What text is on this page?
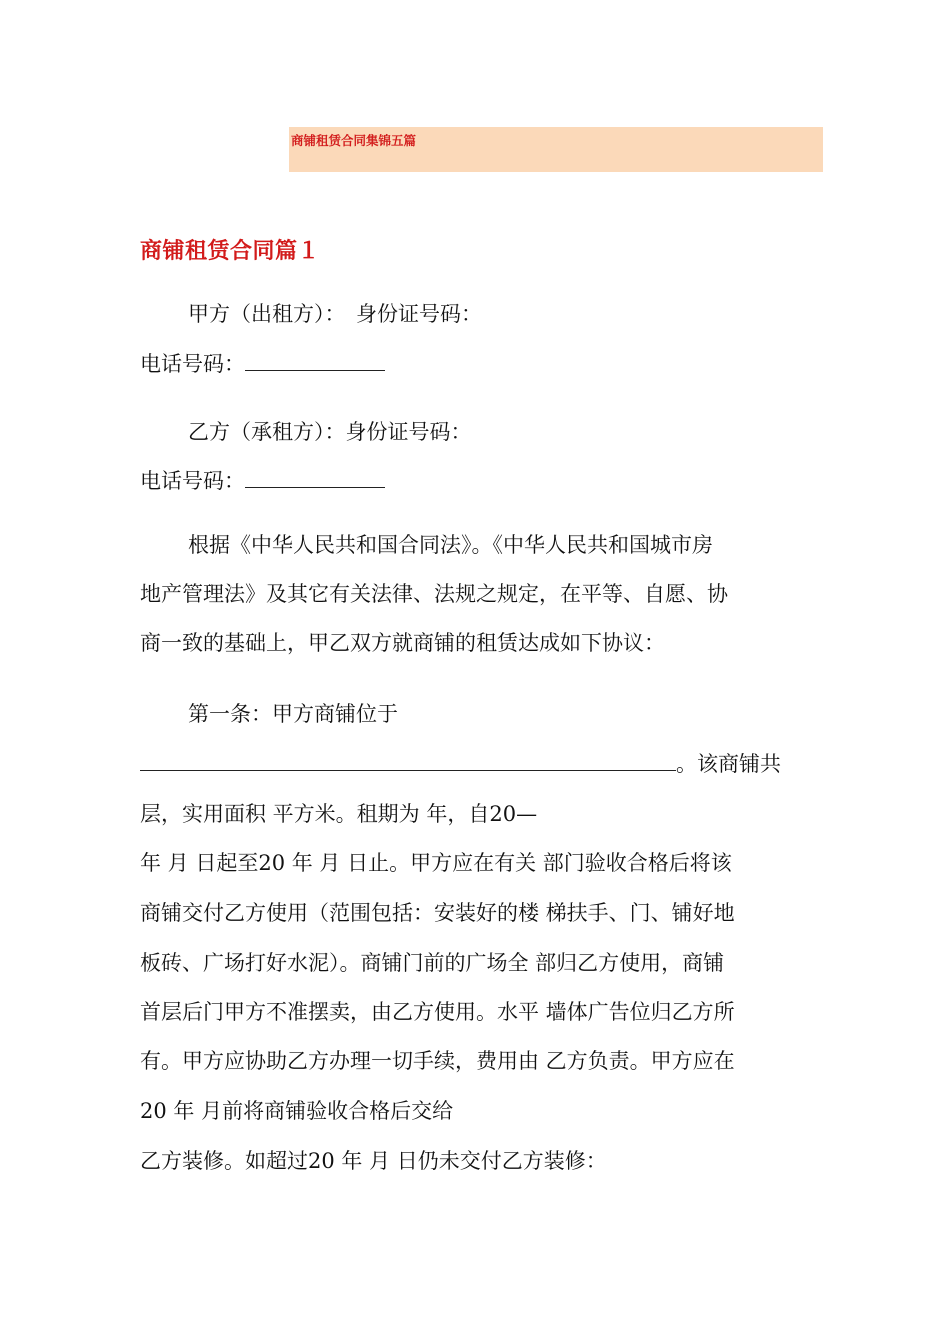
商铺租赁合同集锦五篇
商铺租赁合同篇１
甲方（出租方）：　身份证号码：
电话号码：
乙方（承租方）：身份证号码：
电话号码：
根据《中华人民共和国合同法》。《中华人民共和国城市房
地产管理法》及其它有关法律、法规之规定，在平等、自愿、协
商一致的基础上，甲乙双方就商铺的租赁达成如下协议：
第一条：甲方商铺位于
。该商铺共
层，实用面积 平方米。租期为 年，自20—
年 月 日起至20 年 月 日止。甲方应在有关 部门验收合格后将该
商铺交付乙方使用（范围包括：安装好的楼 梯扶手、门、铺好地
板砖、广场打好水泥）。商铺门前的广场全 部归乙方使用，商铺
首层后门甲方不准摆卖，由乙方使用。水平 墙体广告位归乙方所
有。甲方应协助乙方办理一切手续，费用由 乙方负责。甲方应在
20 年 月前将商铺验收合格后交给
乙方装修。如超过20 年 月 日仍未交付乙方装修：
